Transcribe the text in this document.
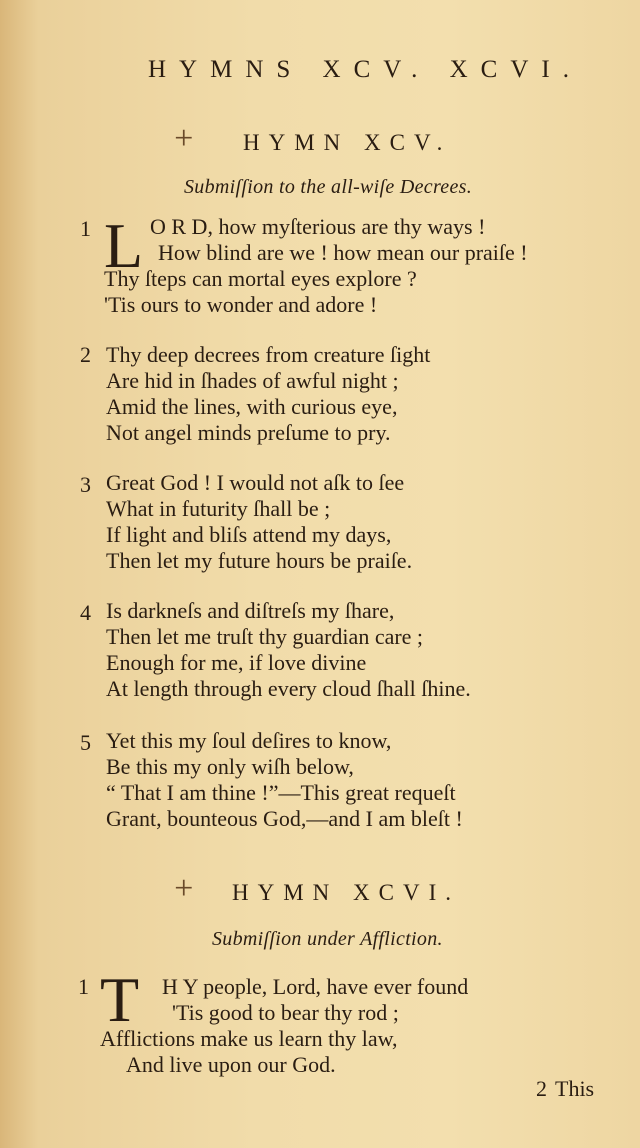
HYMNS XCV. XCVI.
+ HYMN XCV.
Submiſſion to the all-wiſe Decrees.
1 L O R D, how myſterious are thy ways !
How blind are we ! how mean our praiſe !
Thy ſteps can mortal eyes explore ?
'Tis ours to wonder and adore !
2 Thy deep decrees from creature ſight
Are hid in ſhades of awful night ;
Amid the lines, with curious eye,
Not angel minds preſume to pry.
3 Great God ! I would not aſk to ſee
What in futurity ſhall be ;
If light and bliſs attend my days,
Then let my future hours be praiſe.
4 Is darkneſs and diſtreſs my ſhare,
Then let me truſt thy guardian care ;
Enough for me, if love divine
At length through every cloud ſhall ſhine.
5 Yet this my ſoul deſires to know,
Be this my only wiſh below,
“ That I am thine !”—This great requeſt
Grant, bounteous God,—and I am bleſt !
+ HYMN XCVI.
Submiſſion under Affliction.
1 T H Y people, Lord, have ever found
'Tis good to bear thy rod ;
Afflictions make us learn thy law,
And live upon our God.
2 This
